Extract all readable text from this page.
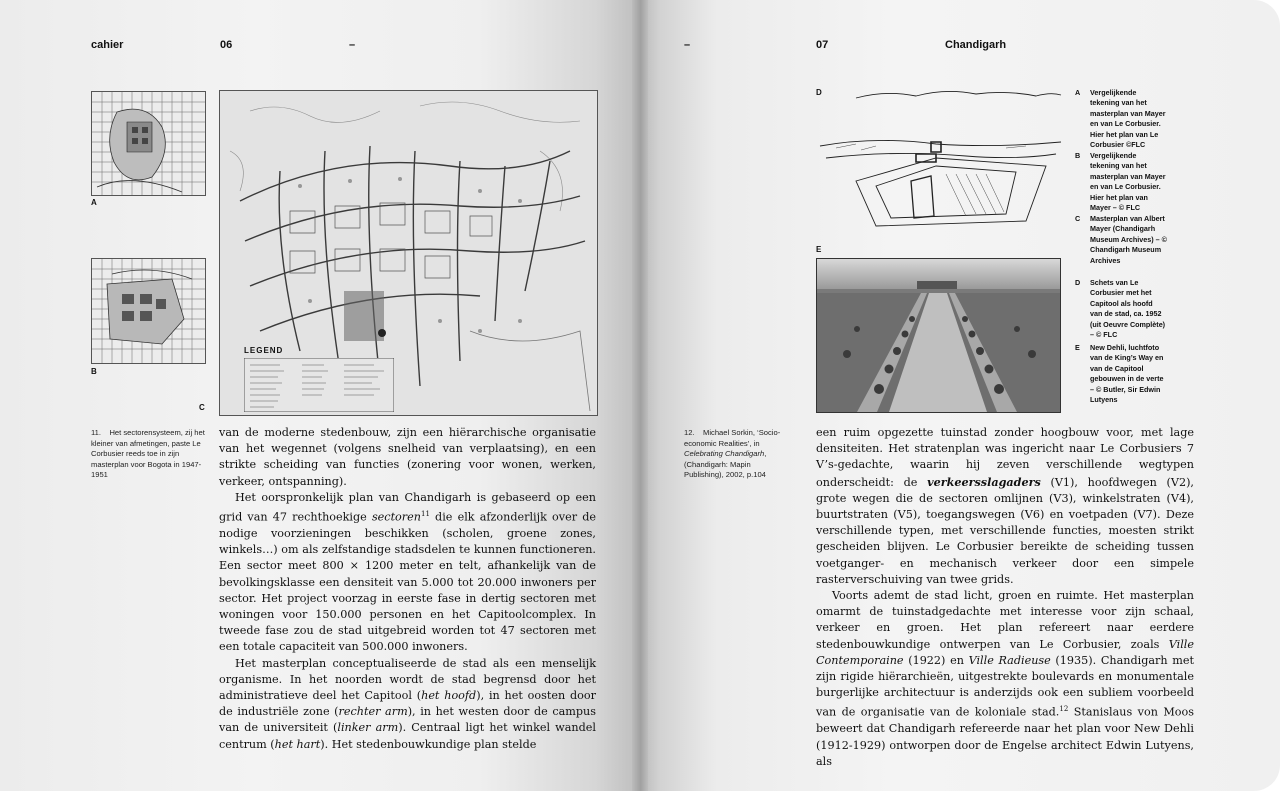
cahier	06	–
A
B
C
LEGEND
11. Het sectorensysteem, zij het kleiner van afmetingen, paste Le Corbusier reeds toe in zijn masterplan voor Bogota in 1947-1951

van de moderne stedenbouw, zijn een hiërarchische organisatie van het wegennet (volgens snelheid van verplaatsing), en een strikte scheiding van functies (zonering voor wonen, werken, verkeer, ontspanning).

Het oorspronkelijk plan van Chandigarh is gebaseerd op een grid van 47 rechthoekige sectoren$^{11}$ die elk afzonderlijk over de nodige voorzieningen beschikken (scholen, groene zones, winkels…) om als zelfstandige stadsdelen te kunnen functioneren. Een sector meet 800 × 1200 meter en telt, afhankelijk van de bevolkingsklasse een densiteit van 5.000 tot 20.000 inwoners per sector. Het project voorzag in eerste fase in dertig sectoren met woningen voor 150.000 personen en het Capitoolcomplex. In tweede fase zou de stad uitgebreid worden tot 47 sectoren met een totale capaciteit van 500.000 inwoners.

Het masterplan conceptualiseerde de stad als een menselijk organisme. In het noorden wordt de stad begrensd door het administratieve deel het Capitool (het hoofd), in het oosten door de industriële zone (rechter arm), in het westen door de campus van de universiteit (linker arm). Centraal ligt het winkel wandel centrum (het hart). Het stedenbouwkundige plan stelde

–	07	Chandigarh
D
E
A Vergelijkende tekening van het masterplan van Mayer en van Le Corbusier. Hier het plan van Le Corbusier ©FLC
B Vergelijkende tekening van het masterplan van Mayer en van Le Corbusier. Hier het plan van Mayer – © FLC
C Masterplan van Albert Mayer (Chandigarh Museum Archives) – © Chandigarh Museum Archives
D Schets van Le Corbusier met het Capitool als hoofd van de stad, ca. 1952 (uit Oeuvre Complète) – © FLC
E New Dehli, luchtfoto van de King’s Way en van de Capitool gebouwen in de verte – © Butler, Sir Edwin Lutyens
12. Michael Sorkin, ‘Socio-economic Realities’, in Celebrating Chandigarh, (Chandigarh: Mapin Publishing), 2002, p.104

een ruim opgezette tuinstad zonder hoogbouw voor, met lage densiteiten. Het stratenplan was ingericht naar Le Corbusiers 7 V’s-gedachte, waarin hij zeven verschillende wegtypen onderscheidt: de verkeersslagaders (V1), hoofdwegen (V2), grote wegen die de sectoren omlijnen (V3), winkelstraten (V4), buurtstraten (V5), toegangswegen (V6) en voetpaden (V7). Deze verschillende typen, met verschillende functies, moesten strikt gescheiden blijven. Le Corbusier bereikte de scheiding tussen voetganger- en mechanisch verkeer door een simpele rasterverschuiving van twee grids.

Voorts ademt de stad licht, groen en ruimte. Het masterplan omarmt de tuinstadgedachte met interesse voor zijn schaal, verkeer en groen. Het plan refereert naar eerdere stedenbouwkundige ontwerpen van Le Corbusier, zoals Ville Contemporaine (1922) en Ville Radieuse (1935). Chandigarh met zijn rigide hiërarchieën, uitgestrekte boulevards en monumentale burgerlijke architectuur is anderzijds ook een subliem voorbeeld van de organisatie van de koloniale stad.$^{12}$ Stanislaus von Moos beweert dat Chandigarh refereerde naar het plan voor New Dehli (1912-1929) ontworpen door de Engelse architect Edwin Lutyens, als
